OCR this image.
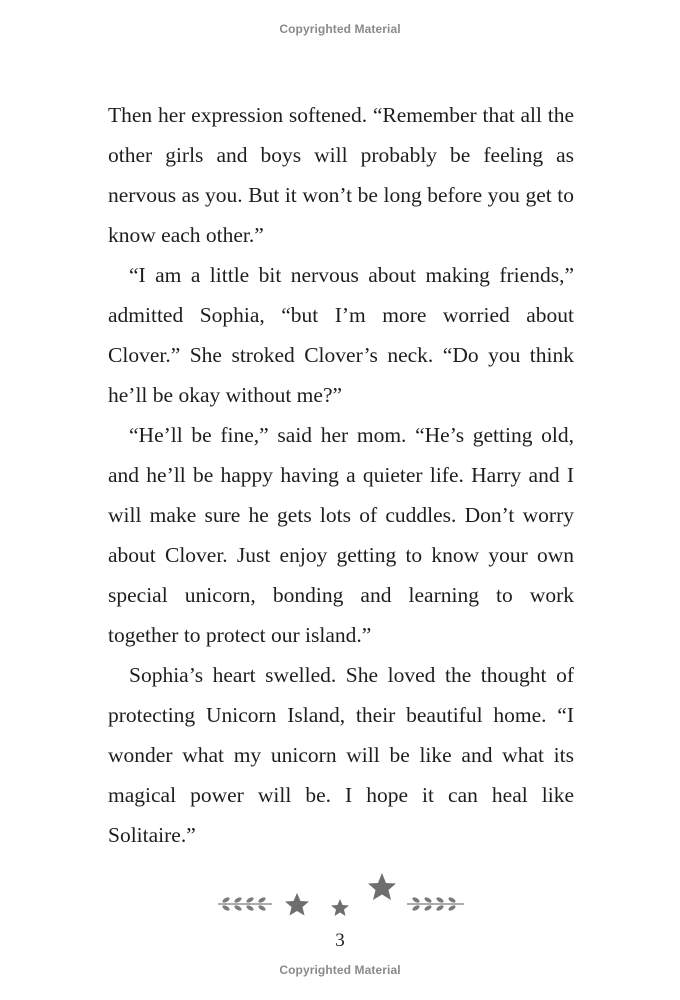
Copyrighted Material

Then her expression softened. “Remember that all the other girls and boys will probably be feeling as nervous as you. But it won’t be long before you get to know each other.”

“I am a little bit nervous about making friends,” admitted Sophia, “but I’m more worried about Clover.” She stroked Clover’s neck. “Do you think he’ll be okay without me?”

“He’ll be fine,” said her mom. “He’s getting old, and he’ll be happy having a quieter life. Harry and I will make sure he gets lots of cuddles. Don’t worry about Clover. Just enjoy getting to know your own special unicorn, bonding and learning to work together to protect our island.”

Sophia’s heart swelled. She loved the thought of protecting Unicorn Island, their beautiful home. “I wonder what my unicorn will be like and what its magical power will be. I hope it can heal like Solitaire.”

3
Copyrighted Material
